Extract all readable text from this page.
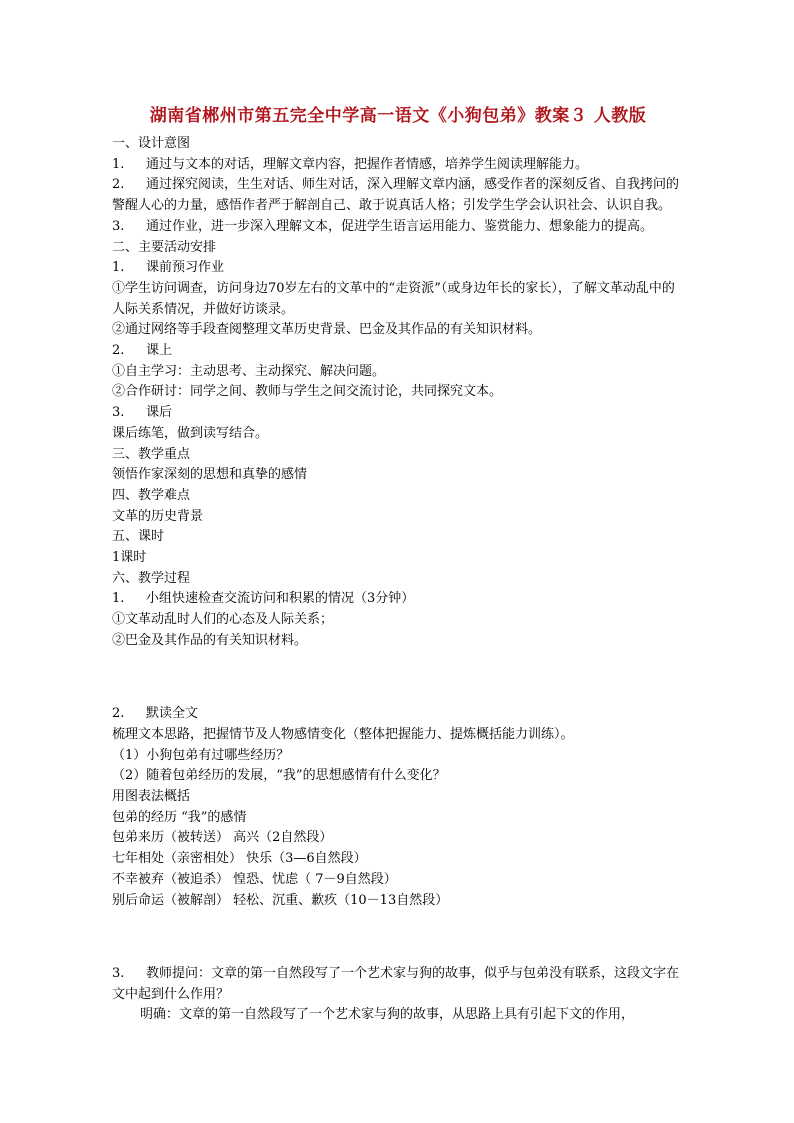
湖南省郴州市第五完全中学高一语文《小狗包弟》教案３ 人教版

一、设计意图

1. 通过与文本的对话，理解文章内容，把握作者情感，培养学生阅读理解能力。

2. 通过探究阅读，生生对话、师生对话，深入理解文章内涵，感受作者的深刻反省、自我拷问的警醒人心的力量，感悟作者严于解剖自己、敢于说真话人格；引发学生学会认识社会、认识自我。

3. 通过作业，进一步深入理解文本，促进学生语言运用能力、鉴赏能力、想象能力的提高。

二、主要活动安排

1. 课前预习作业

①学生访问调查，访问身边70岁左右的文革中的“走资派”（或身边年长的家长），了解文革动乱中的人际关系情况，并做好访谈录。

②通过网络等手段查阅整理文革历史背景、巴金及其作品的有关知识材料。

2. 课上

①自主学习：主动思考、主动探究、解决问题。

②合作研讨：同学之间、教师与学生之间交流讨论，共同探究文本。

3. 课后

课后练笔，做到读写结合。

三、教学重点

领悟作家深刻的思想和真挚的感情

四、教学难点

文革的历史背景

五、课时

1课时

六、教学过程

1. 小组快速检查交流访问和积累的情况（3分钟）

①文革动乱时人们的心态及人际关系；

②巴金及其作品的有关知识材料。

2. 默读全文

梳理文本思路，把握情节及人物感情变化（整体把握能力、提炼概括能力训练）。

（1）小狗包弟有过哪些经历？

（2）随着包弟经历的发展，“我”的思想感情有什么变化？

用图表法概括

包弟的经历 “我”的感情

包弟来历（被转送） 高兴（2自然段）

七年相处（亲密相处） 快乐（3—6自然段）

不幸被弃（被追杀） 惶恐、忧虑（ 7－9自然段）

别后命运（被解剖） 轻松、沉重、歉疚（10－13自然段）

3. 教师提问：文章的第一自然段写了一个艺术家与狗的故事，似乎与包弟没有联系，这段文字在文中起到什么作用？

明确：文章的第一自然段写了一个艺术家与狗的故事，从思路上具有引起下文的作用，
